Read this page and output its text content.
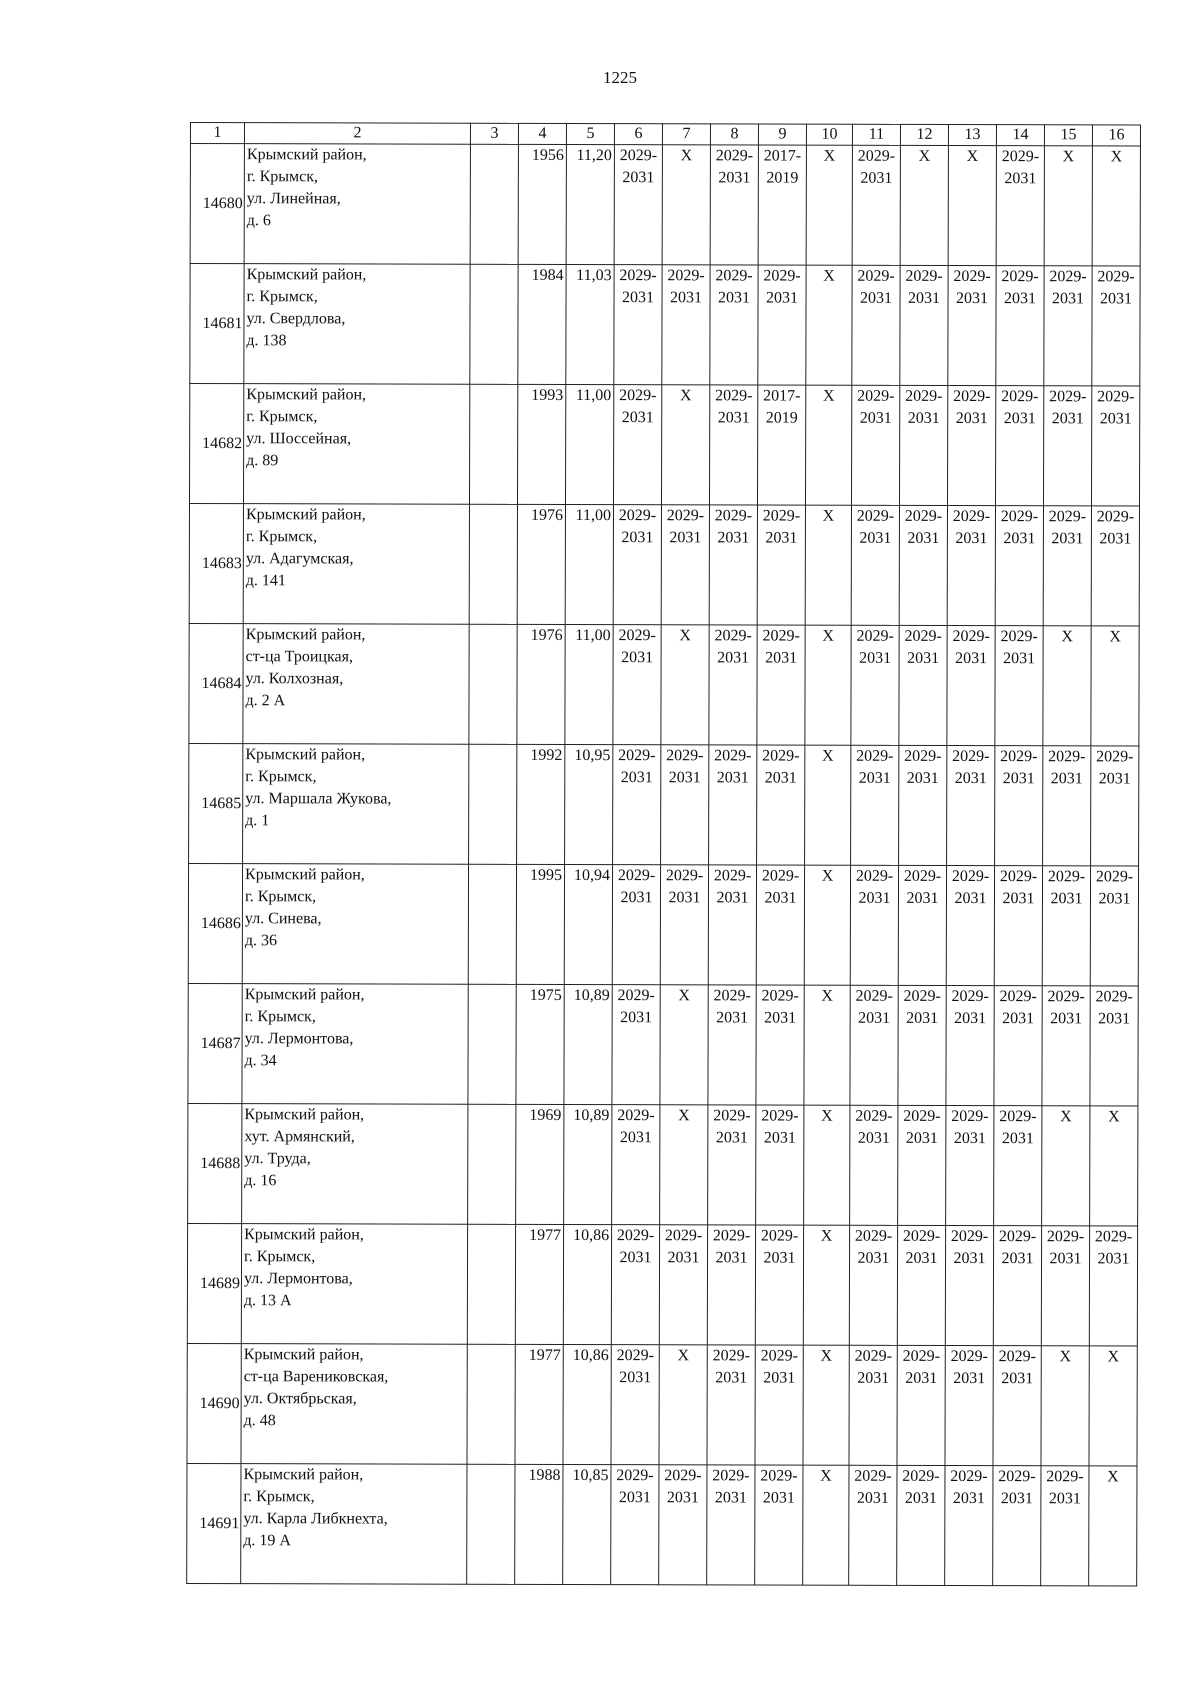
1225
1	2	3	4	5	6	7	8	9	10	11	12	13	14	15	16
14680	Крымский район,
г. Крымск,
ул. Линейная,
д. 6		1956	11,20	2029-
2031	X	2029-
2031	2017-
2019	X	2029-
2031	X	X	2029-
2031	X	X

14681	Крымский район,
г. Крымск,
ул. Свердлова,
д. 138		1984	11,03	2029-
2031	2029-
2031	2029-
2031	2029-
2031	X	2029-
2031	2029-
2031	2029-
2031	2029-
2031	2029-
2031	2029-
2031

14682	Крымский район,
г. Крымск,
ул. Шоссейная,
д. 89		1993	11,00	2029-
2031	X	2029-
2031	2017-
2019	X	2029-
2031	2029-
2031	2029-
2031	2029-
2031	2029-
2031	2029-
2031

14683	Крымский район,
г. Крымск,
ул. Адагумская,
д. 141		1976	11,00	2029-
2031	2029-
2031	2029-
2031	2029-
2031	X	2029-
2031	2029-
2031	2029-
2031	2029-
2031	2029-
2031	2029-
2031

14684	Крымский район,
ст-ца Троицкая,
ул. Колхозная,
д. 2 А		1976	11,00	2029-
2031	X	2029-
2031	2029-
2031	X	2029-
2031	2029-
2031	2029-
2031	2029-
2031	X	X

14685	Крымский район,
г. Крымск,
ул. Маршала Жукова,
д. 1		1992	10,95	2029-
2031	2029-
2031	2029-
2031	2029-
2031	X	2029-
2031	2029-
2031	2029-
2031	2029-
2031	2029-
2031	2029-
2031

14686	Крымский район,
г. Крымск,
ул. Синева,
д. 36		1995	10,94	2029-
2031	2029-
2031	2029-
2031	2029-
2031	X	2029-
2031	2029-
2031	2029-
2031	2029-
2031	2029-
2031	2029-
2031

14687	Крымский район,
г. Крымск,
ул. Лермонтова,
д. 34		1975	10,89	2029-
2031	X	2029-
2031	2029-
2031	X	2029-
2031	2029-
2031	2029-
2031	2029-
2031	2029-
2031	2029-
2031

14688	Крымский район,
хут. Армянский,
ул. Труда,
д. 16		1969	10,89	2029-
2031	X	2029-
2031	2029-
2031	X	2029-
2031	2029-
2031	2029-
2031	2029-
2031	X	X

14689	Крымский район,
г. Крымск,
ул. Лермонтова,
д. 13 А		1977	10,86	2029-
2031	2029-
2031	2029-
2031	2029-
2031	X	2029-
2031	2029-
2031	2029-
2031	2029-
2031	2029-
2031	2029-
2031

14690	Крымский район,
ст-ца Варениковская,
ул. Октябрьская,
д. 48		1977	10,86	2029-
2031	X	2029-
2031	2029-
2031	X	2029-
2031	2029-
2031	2029-
2031	2029-
2031	X	X

14691	Крымский район,
г. Крымск,
ул. Карла Либкнехта,
д. 19 А		1988	10,85	2029-
2031	2029-
2031	2029-
2031	2029-
2031	X	2029-
2031	2029-
2031	2029-
2031	2029-
2031	2029-
2031	X
